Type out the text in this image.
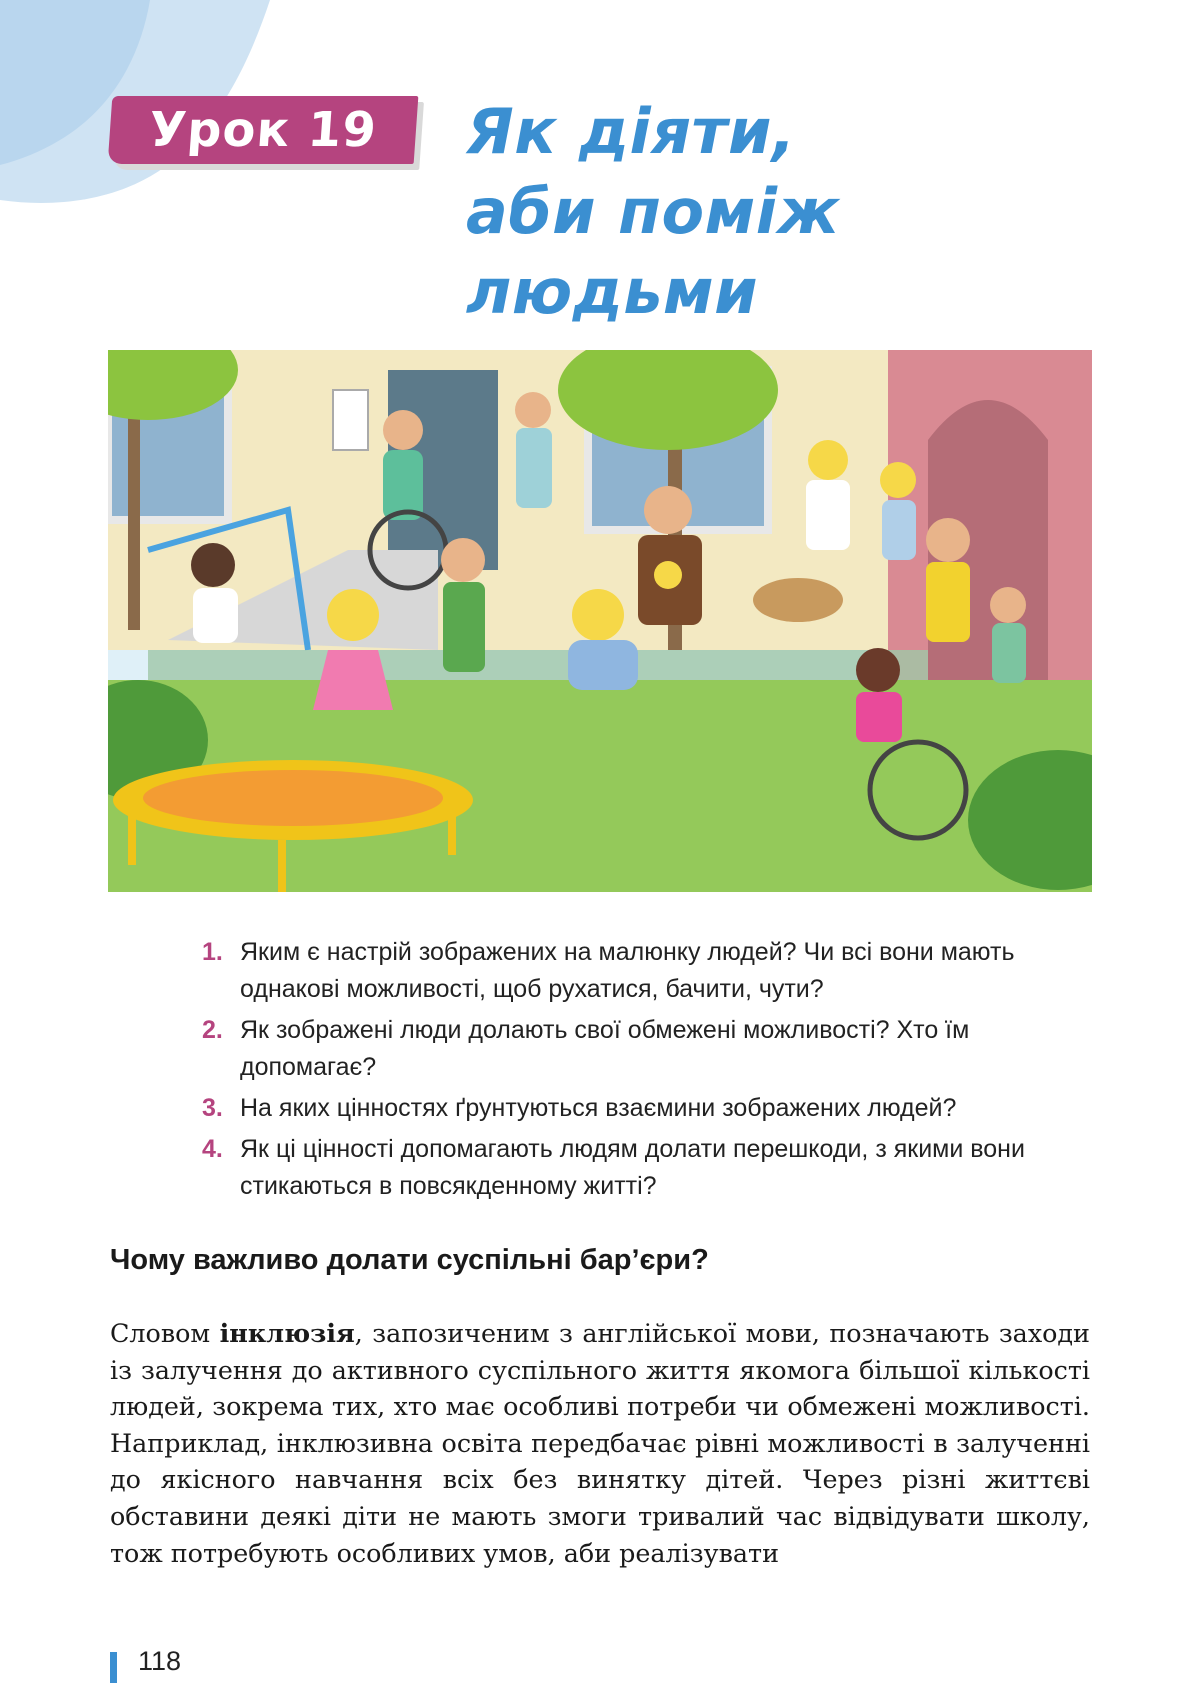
Урок 19 Як діяти,
аби поміж людьми
1. Яким є настрій зображених на малюнку людей? Чи всі вони мають однакові можливості, щоб рухатися, бачити, чути?
2. Як зображені люди долають свої обмежені можливості? Хто їм допомагає?
3. На яких цінностях ґрунтуються взаємини зображених людей?
4. Як ці цінності допомагають людям долати перешкоди, з якими вони стикаються в повсякденному житті?
Чому важливо долати суспільні барʼєри?

Словом інклюзія, запозиченим з англійської мови, позначають заходи із залучення до активного суспільного життя якомога більшої кількості людей, зокрема тих, хто має особливі потреби чи обмежені можливості. Наприклад, інклюзивна освіта передбачає рівні можливості в залученні до якісного навчання всіх без винятку дітей. Через різні життєві обставини деякі діти не мають змоги тривалий час відвідувати школу, тож потребують особливих умов, аби реалізувати

118
